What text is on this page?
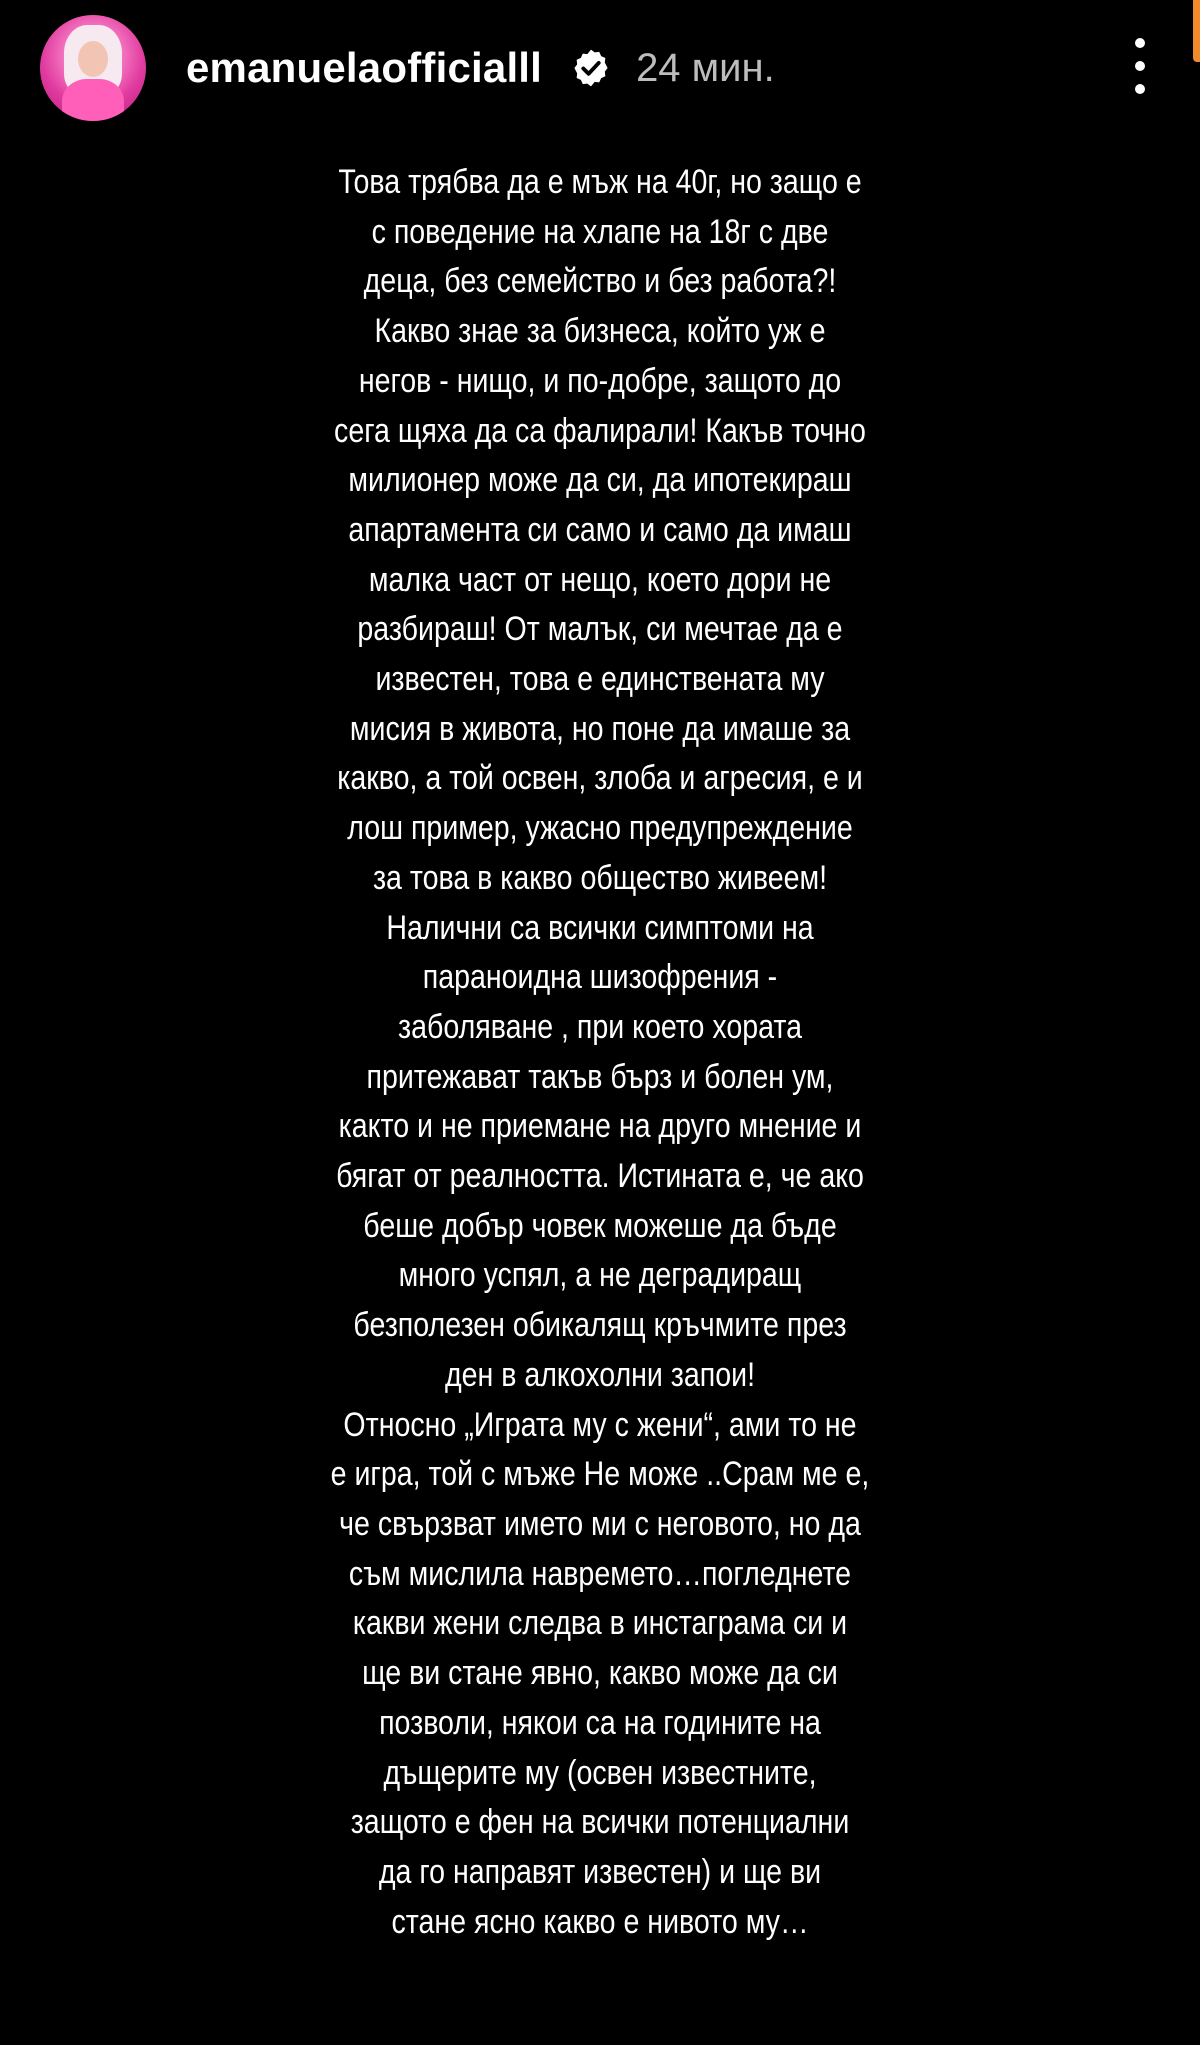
emanuelaofficialll 24 мин.
Това трябва да е мъж на 40г, но защо е
с поведение на хлапе на 18г с две
деца, без семейство и без работа?!
Какво знае за бизнеса, който уж е
негов - нищо, и по-добре, защото до
сега щяха да са фалирали! Какъв точно
милионер може да си, да ипотекираш
апартамента си само и само да имаш
малка част от нещо, което дори не
разбираш! От малък, си мечтае да е
известен, това е единствената му
мисия в живота, но поне да имаше за
какво, а той освен, злоба и агресия, е и
лош пример, ужасно предупреждение
за това в какво общество живеем!
Налични са всички симптоми на
параноидна шизофрения -
заболяване , при което хората
притежават такъв бърз и болен ум,
както и не приемане на друго мнение и
бягат от реалността. Истината е, че ако
беше добър човек можеше да бъде
много успял, а не деградиращ
безполезен обикалящ кръчмите през
ден в алкохолни запои!
Относно „Играта му с жени“, ами то не
е игра, той с мъже Не може ..Срам ме е,
че свързват името ми с неговото, но да
съм мислила навремето…погледнете
какви жени следва в инстаграма си и
ще ви стане явно, какво може да си
позволи, някои са на годините на
дъщерите му (освен известните,
защото е фен на всички потенциални
да го направят известен) и ще ви
стане ясно какво е нивото му…
